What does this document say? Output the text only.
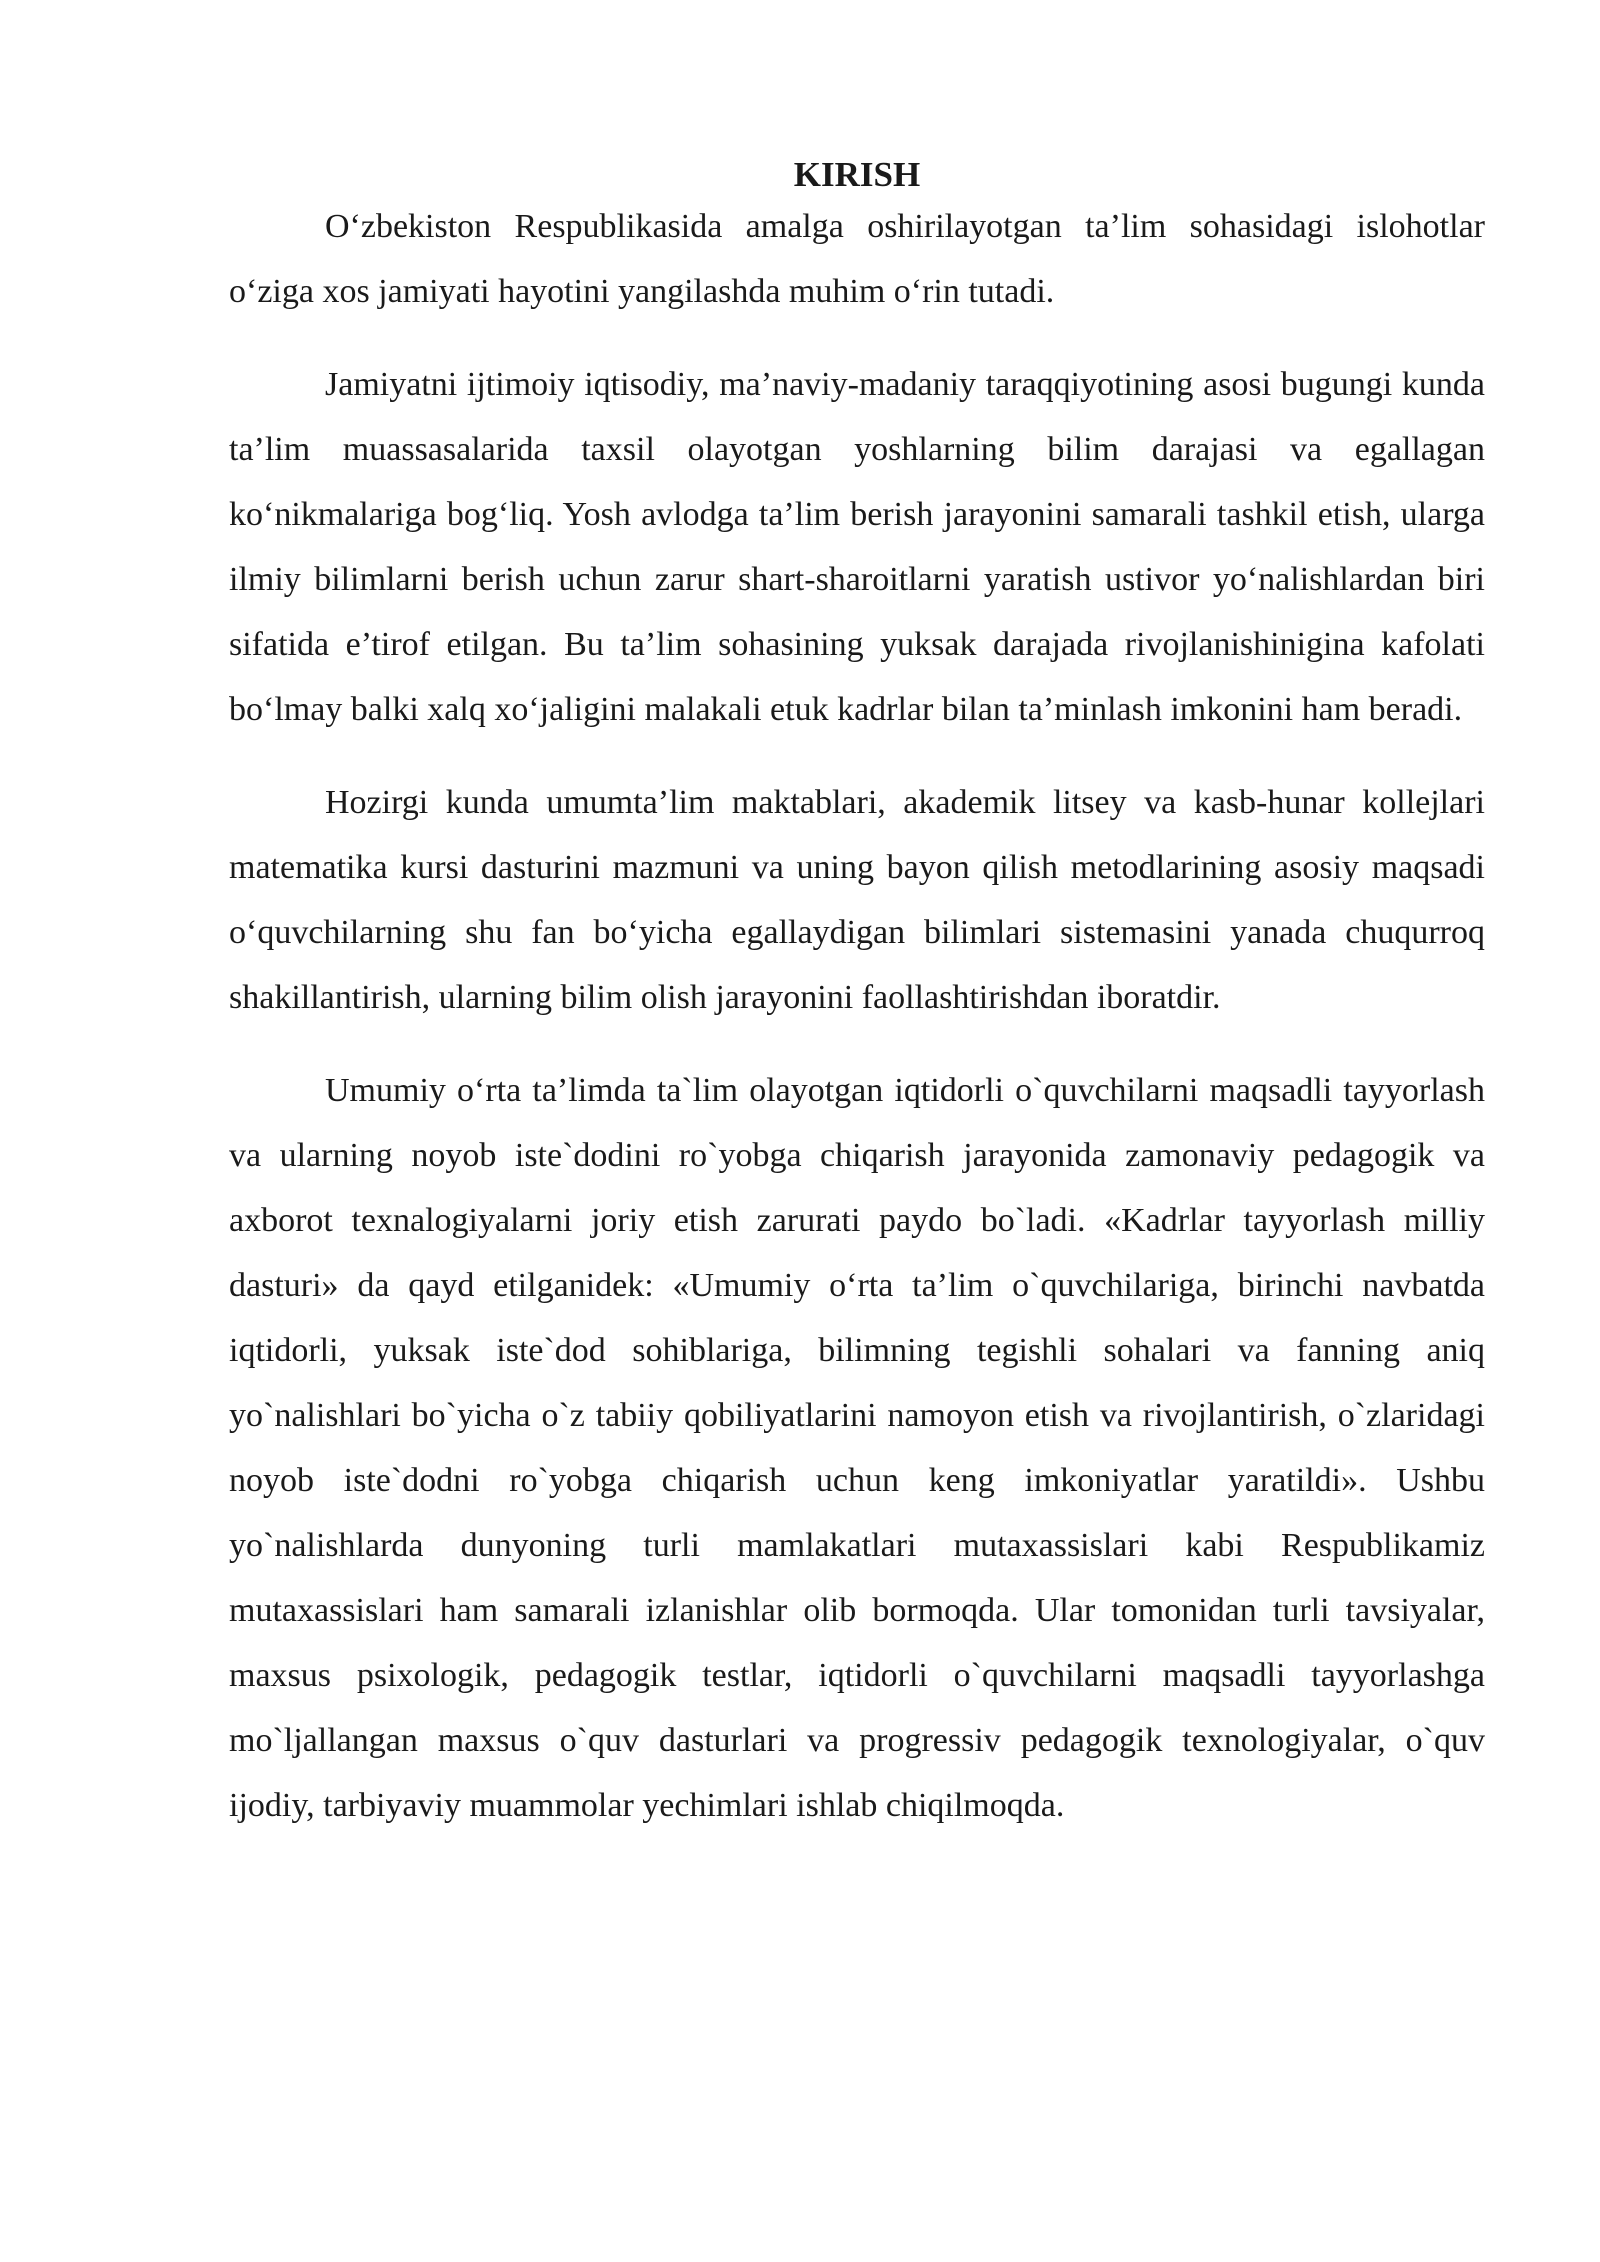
KIRISH

O‘zbekiston Respublikasida amalga oshirilayotgan ta’lim sohasidagi islohotlar o‘ziga xos jamiyati hayotini yangilashda muhim o‘rin tutadi.

Jamiyatni ijtimoiy iqtisodiy, ma’naviy-madaniy taraqqiyotining asosi bugungi kunda ta’lim muassasalarida taxsil olayotgan yoshlarning bilim darajasi va egallagan ko‘nikmalariga bog‘liq. Yosh avlodga ta’lim berish jarayonini samarali tashkil etish, ularga ilmiy bilimlarni berish uchun zarur shart-sharoitlarni yaratish ustivor yo‘nalishlardan biri sifatida e’tirof etilgan. Bu ta’lim sohasining yuksak darajada rivojlanishinigina kafolati bo‘lmay balki xalq xo‘jaligini malakali etuk kadrlar bilan ta’minlash imkonini ham beradi.

Hozirgi kunda umumta’lim maktablari, akademik litsey va kasb-hunar kollejlari matematika kursi dasturini mazmuni va uning bayon qilish metodlarining asosiy maqsadi o‘quvchilarning shu fan bo‘yicha egallaydigan bilimlari sistemasini yanada chuqurroq shakillantirish, ularning bilim olish jarayonini faollashtirishdan iboratdir.

Umumiy o‘rta ta’limda ta`lim olayotgan iqtidorli o`quvchilarni maqsadli tayyorlash va ularning noyob iste`dodini ro`yobga chiqarish jarayonida zamonaviy pedagogik va axborot texnalogiyalarni joriy etish zarurati paydo bo`ladi. «Kadrlar tayyorlash milliy dasturi» da qayd etilganidek: «Umumiy o‘rta ta’lim o`quvchilariga, birinchi navbatda iqtidorli, yuksak iste`dod sohiblariga, bilimning tegishli sohalari va fanning aniq yo`nalishlari bo`yicha o`z tabiiy qobiliyatlarini namoyon etish va rivojlantirish, o`zlaridagi noyob iste`dodni ro`yobga chiqarish uchun keng imkoniyatlar yaratildi». Ushbu yo`nalishlarda dunyoning turli mamlakatlari mutaxassislari kabi Respublikamiz mutaxassislari ham samarali izlanishlar olib bormoqda. Ular tomonidan turli tavsiyalar, maxsus psixologik, pedagogik testlar, iqtidorli o`quvchilarni maqsadli tayyorlashga mo`ljallangan maxsus o`quv dasturlari va progressiv pedagogik texnologiyalar, o`quv ijodiy, tarbiyaviy muammolar yechimlari ishlab chiqilmoqda.
